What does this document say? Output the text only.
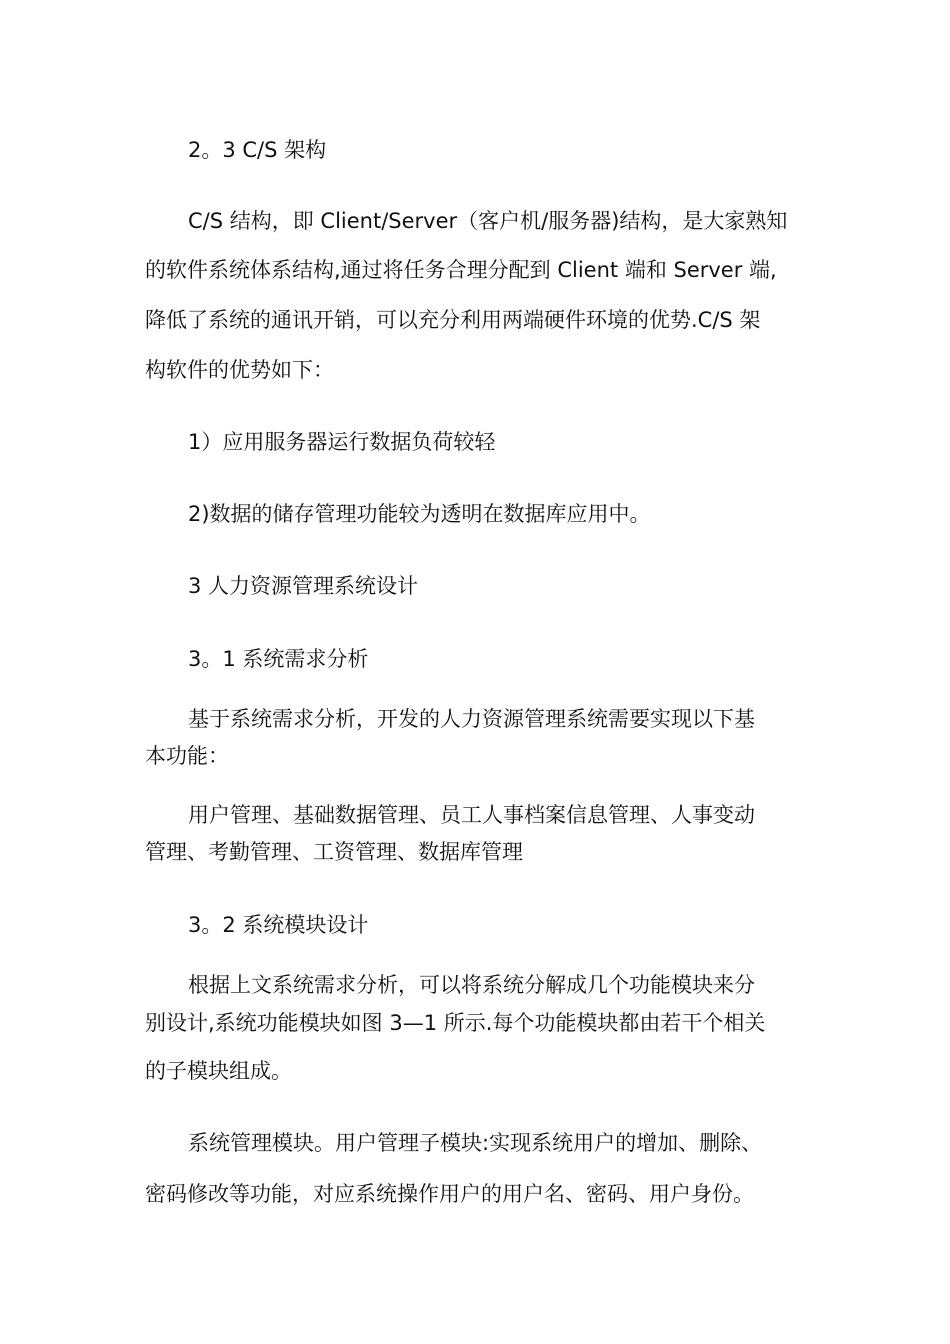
2。3 C/S 架构
C/S 结构，即 Client/Server（客户机/服务器)结构，是大家熟知
的软件系统体系结构,通过将任务合理分配到 Client 端和 Server 端,
降低了系统的通讯开销，可以充分利用两端硬件环境的优势.C/S 架
构软件的优势如下：
1）应用服务器运行数据负荷较轻
2)数据的储存管理功能较为透明在数据库应用中。
3 人力资源管理系统设计
3。1 系统需求分析
基于系统需求分析，开发的人力资源管理系统需要实现以下基
本功能：
用户管理、基础数据管理、员工人事档案信息管理、人事变动
管理、考勤管理、工资管理、数据库管理
3。2 系统模块设计
根据上文系统需求分析，可以将系统分解成几个功能模块来分
别设计,系统功能模块如图 3—1 所示.每个功能模块都由若干个相关
的子模块组成。
系统管理模块。用户管理子模块:实现系统用户的增加、删除、
密码修改等功能，对应系统操作用户的用户名、密码、用户身份。
